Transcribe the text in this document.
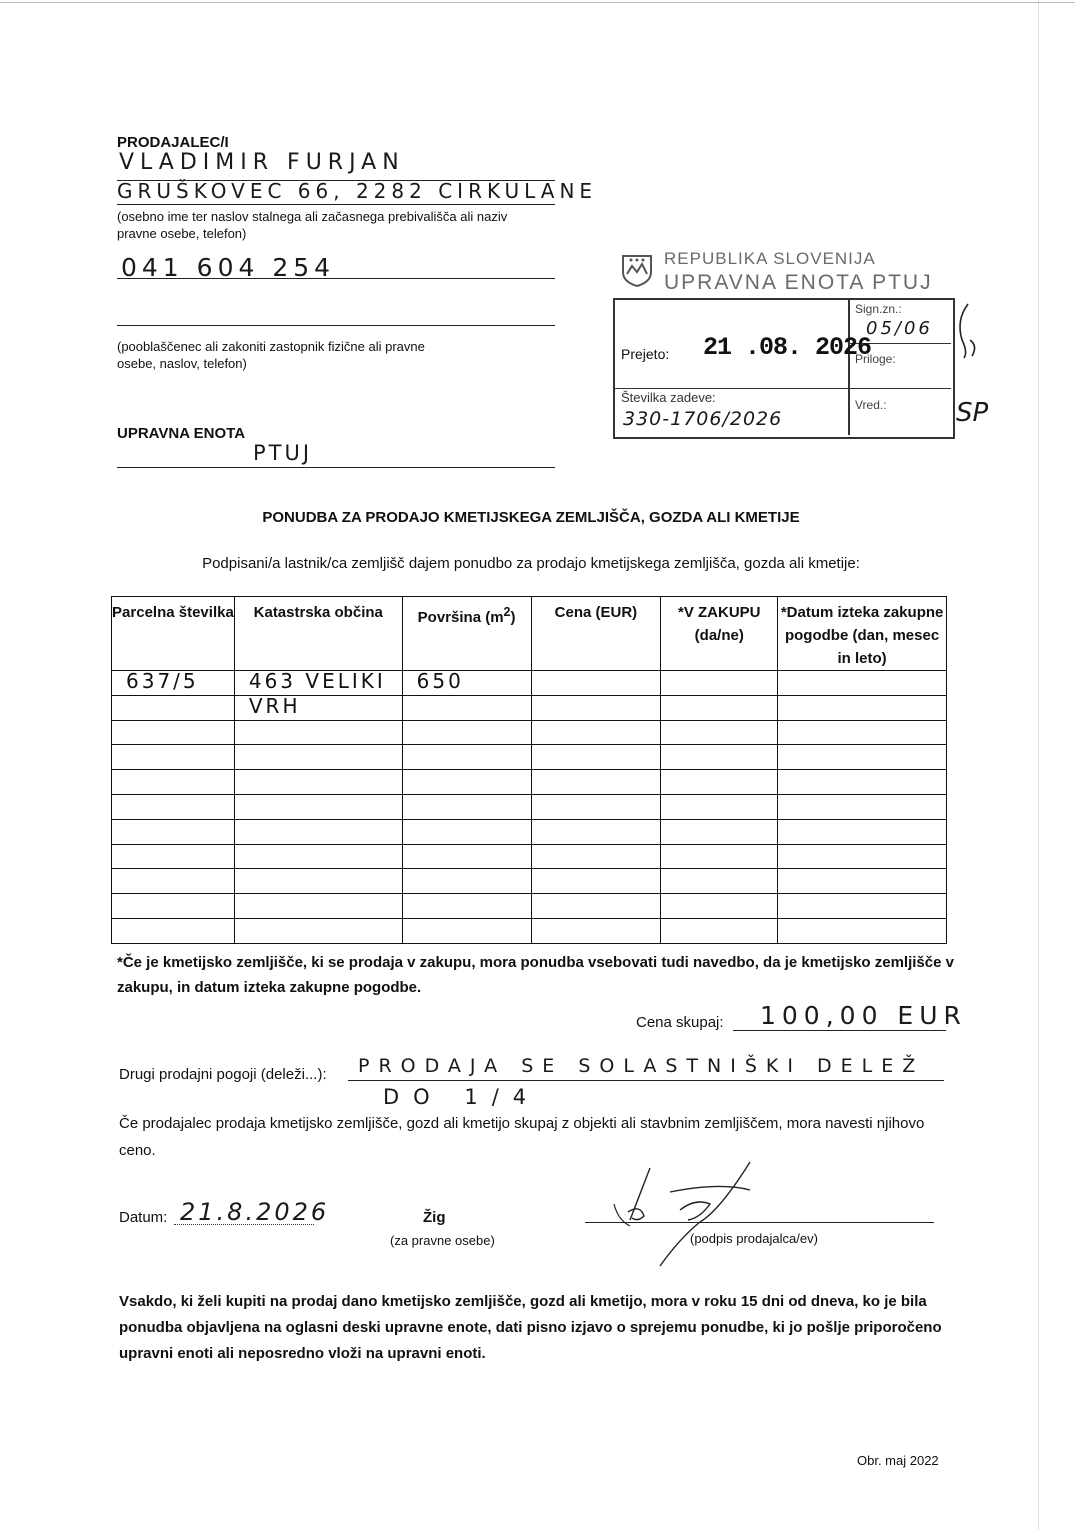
PRODAJALEC/I
VLADIMIR FURJAN
GRUŠKOVEC 66, 2282 CIRKULANE
(osebno ime ter naslov stalnega ali začasnega prebivališča ali naziv pravne osebe, telefon)
041 604 254
(pooblaščenec ali zakoniti zastopnik fizične ali pravne osebe, naslov, telefon)
UPRAVNA ENOTA
PTUJ
REPUBLIKA SLOVENIJA
UPRAVNA ENOTA PTUJ
Prejeto: 21 .08. 2026
Sign.zn.:
05/06
Priloge:
Številka zadeve:
330-1706/2026
Vred.:	SP
PONUDBA ZA PRODAJO KMETIJSKEGA ZEMLJIŠČA, GOZDA ALI KMETIJE
Podpisani/a lastnik/ca zemljišč dajem ponudbo za prodajo kmetijskega zemljišča, gozda ali kmetije:
Parcelna številka	Katastrska občina	Površina $(m^2)$	Cena (EUR)	*V ZAKUPU (da/ne)	*Datum izteka zakupne pogodbe (dan, mesec in leto)

637/5	463 VELIKI	650			

	VRH				

*Če je kmetijsko zemljišče, ki se prodaja v zakupu, mora ponudba vsebovati tudi navedbo, da je kmetijsko zemljišče v zakupu, in datum izteka zakupne pogodbe.
Cena skupaj: 100,00 EUR
Drugi prodajni pogoji (deleži...): PRODAJA SE SOLASTNIŠKI DELEŽ
DO 1/4
Če prodajalec prodaja kmetijsko zemljišče, gozd ali kmetijo skupaj z objekti ali stavbnim zemljiščem, mora navesti njihovo ceno.
Datum: 21.8.2026	Žig
(za pravne osebe)	(podpis prodajalca/ev)
Vsakdo, ki želi kupiti na prodaj dano kmetijsko zemljišče, gozd ali kmetijo, mora v roku 15 dni od dneva, ko je bila ponudba objavljena na oglasni deski upravne enote, dati pisno izjavo o sprejemu ponudbe, ki jo pošlje priporočeno upravni enoti ali neposredno vloži na upravni enoti.
Obr. maj 2022
